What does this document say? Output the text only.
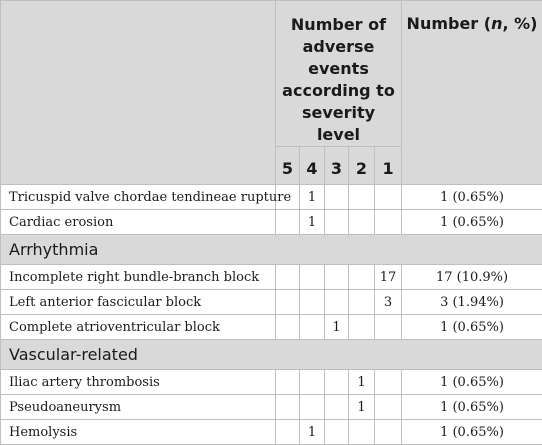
	Number of adverse events according to severity level					Number (n, %)
	5	4	3	2	1	
Tricuspid valve chordae tendineae rupture		1				1 (0.65%)
Cardiac erosion		1				1 (0.65%)
Arrhythmia						
Incomplete right bundle-branch block					17	17 (10.9%)
Left anterior fascicular block					3	3 (1.94%)
Complete atrioventricular block			1			1 (0.65%)
Vascular-related						
Iliac artery thrombosis				1		1 (0.65%)
Pseudoaneurysm				1		1 (0.65%)
Hemolysis		1				1 (0.65%)
